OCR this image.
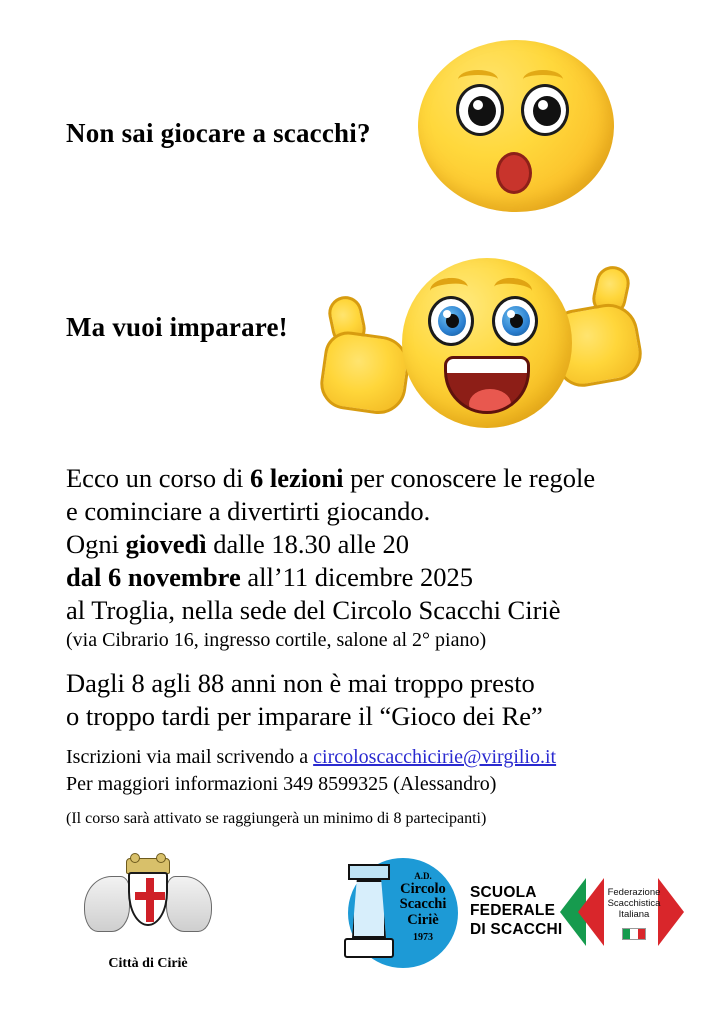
Non sai giocare a scacchi?
Ma vuoi imparare!
Ecco un corso di 6 lezioni per conoscere le regole
e cominciare a divertirti giocando.
Ogni giovedì dalle 18.30 alle 20
dal 6 novembre all’11 dicembre 2025
al Troglia, nella sede del Circolo Scacchi Ciriè
(via Cibrario 16, ingresso cortile, salone al 2° piano)
Dagli 8 agli 88 anni non è mai troppo presto
o troppo tardi per imparare il “Gioco dei Re”
Iscrizioni via mail scrivendo a circoloscacchicirie@virgilio.it
Per maggiori informazioni 349 8599325 (Alessandro)
(Il corso sarà attivato se raggiungerà un minimo di 8 partecipanti)
Città di Ciriè
A.D.
Circolo
Scacchi
Ciriè
1973
SCUOLA
FEDERALE
DI SCACCHI
Federazione
Scacchistica
Italiana
